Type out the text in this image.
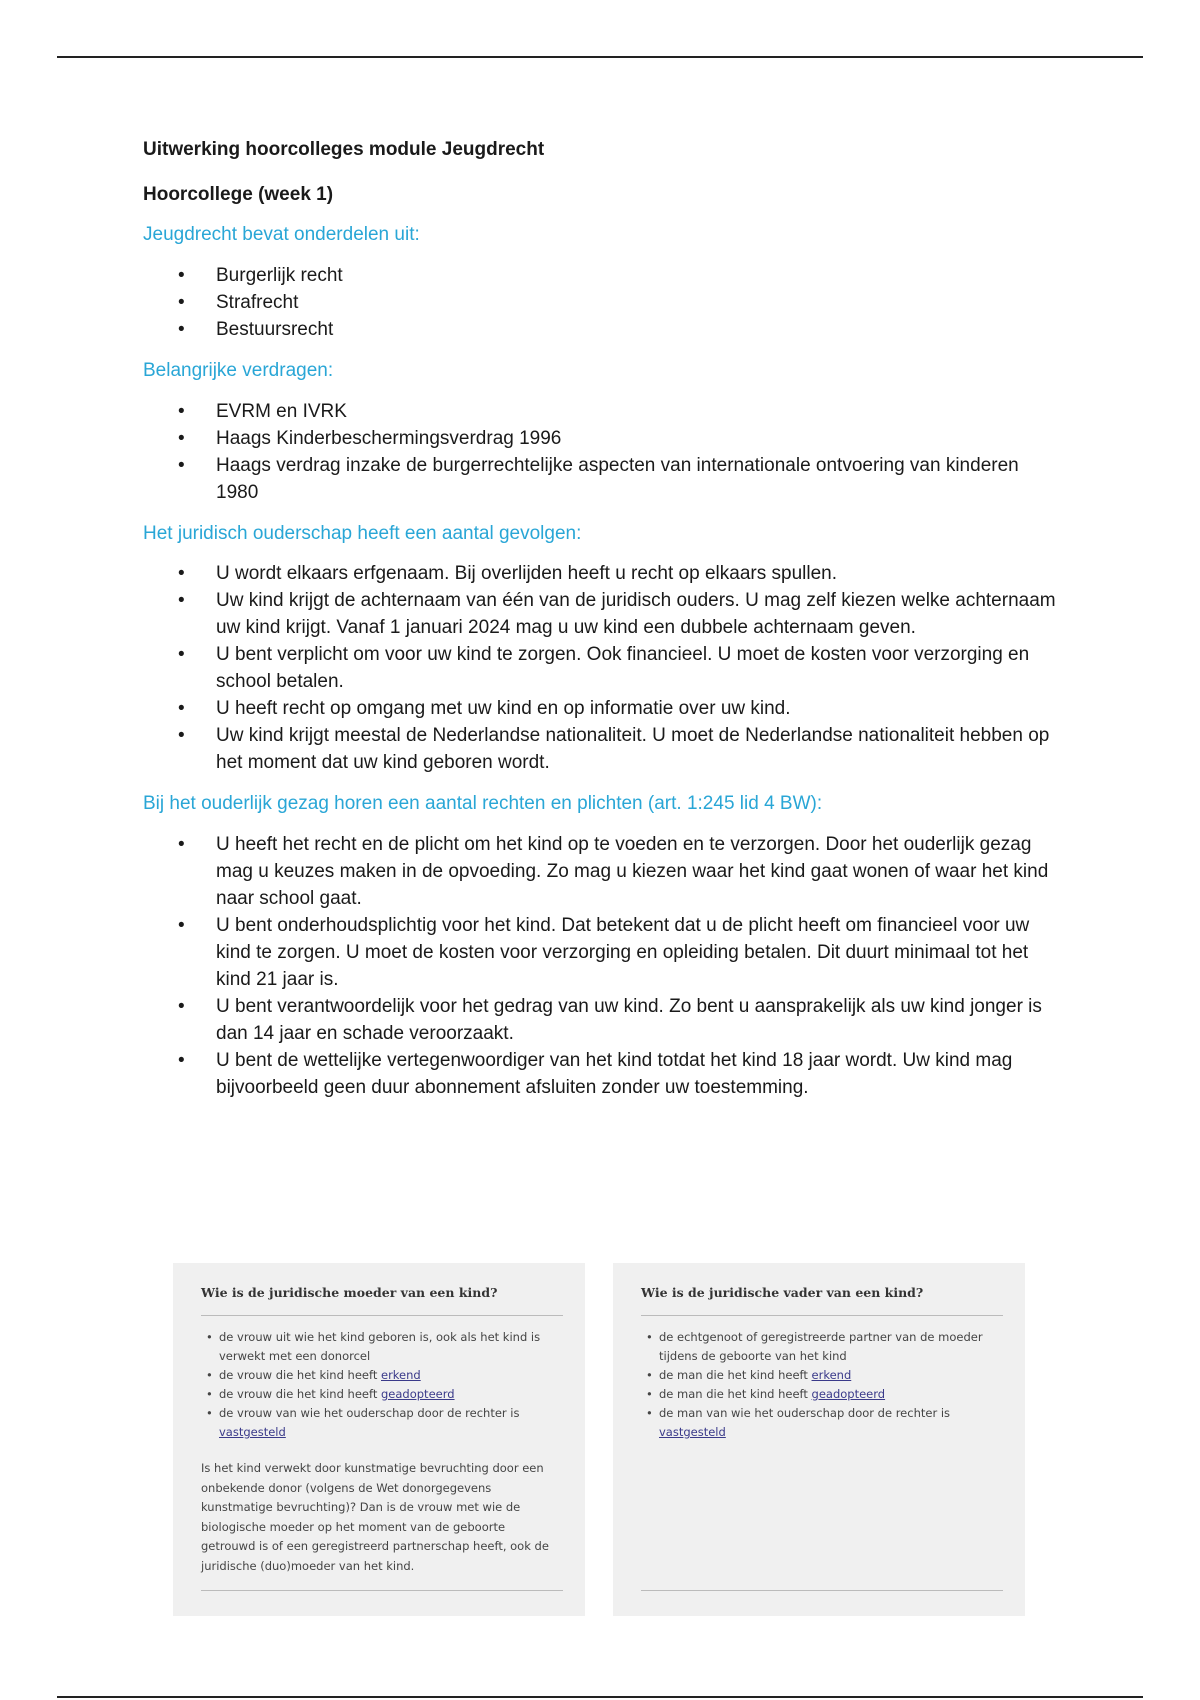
Uitwerking hoorcolleges module Jeugdrecht
Hoorcollege (week 1)
Jeugdrecht bevat onderdelen uit:
• Burgerlijk recht
• Strafrecht
• Bestuursrecht
Belangrijke verdragen:
• EVRM en IVRK
• Haags Kinderbeschermingsverdrag 1996
• Haags verdrag inzake de burgerrechtelijke aspecten van internationale ontvoering van kinderen 1980
Het juridisch ouderschap heeft een aantal gevolgen:
• U wordt elkaars erfgenaam. Bij overlijden heeft u recht op elkaars spullen.
• Uw kind krijgt de achternaam van één van de juridisch ouders. U mag zelf kiezen welke achternaam uw kind krijgt. Vanaf 1 januari 2024 mag u uw kind een dubbele achternaam geven.
• U bent verplicht om voor uw kind te zorgen. Ook financieel. U moet de kosten voor verzorging en school betalen.
• U heeft recht op omgang met uw kind en op informatie over uw kind.
• Uw kind krijgt meestal de Nederlandse nationaliteit. U moet de Nederlandse nationaliteit hebben op het moment dat uw kind geboren wordt.
Bij het ouderlijk gezag horen een aantal rechten en plichten (art. 1:245 lid 4 BW):
• U heeft het recht en de plicht om het kind op te voeden en te verzorgen. Door het ouderlijk gezag mag u keuzes maken in de opvoeding. Zo mag u kiezen waar het kind gaat wonen of waar het kind naar school gaat.
• U bent onderhoudsplichtig voor het kind. Dat betekent dat u de plicht heeft om financieel voor uw kind te zorgen. U moet de kosten voor verzorging en opleiding betalen. Dit duurt minimaal tot het kind 21 jaar is.
• U bent verantwoordelijk voor het gedrag van uw kind. Zo bent u aansprakelijk als uw kind jonger is dan 14 jaar en schade veroorzaakt.
• U bent de wettelijke vertegenwoordiger van het kind totdat het kind 18 jaar wordt. Uw kind mag bijvoorbeeld geen duur abonnement afsluiten zonder uw toestemming.
Wie is de juridische moeder van een kind?
• de vrouw uit wie het kind geboren is, ook als het kind is verwekt met een donorcel
• de vrouw die het kind heeft erkend
• de vrouw die het kind heeft geadopteerd
• de vrouw van wie het ouderschap door de rechter is vastgesteld
Is het kind verwekt door kunstmatige bevruchting door een onbekende donor (volgens de Wet donorgegevens kunstmatige bevruchting)? Dan is de vrouw met wie de biologische moeder op het moment van de geboorte getrouwd is of een geregistreerd partnerschap heeft, ook de juridische (duo)moeder van het kind.
Wie is de juridische vader van een kind?
• de echtgenoot of geregistreerde partner van de moeder tijdens de geboorte van het kind
• de man die het kind heeft erkend
• de man die het kind heeft geadopteerd
• de man van wie het ouderschap door de rechter is vastgesteld
